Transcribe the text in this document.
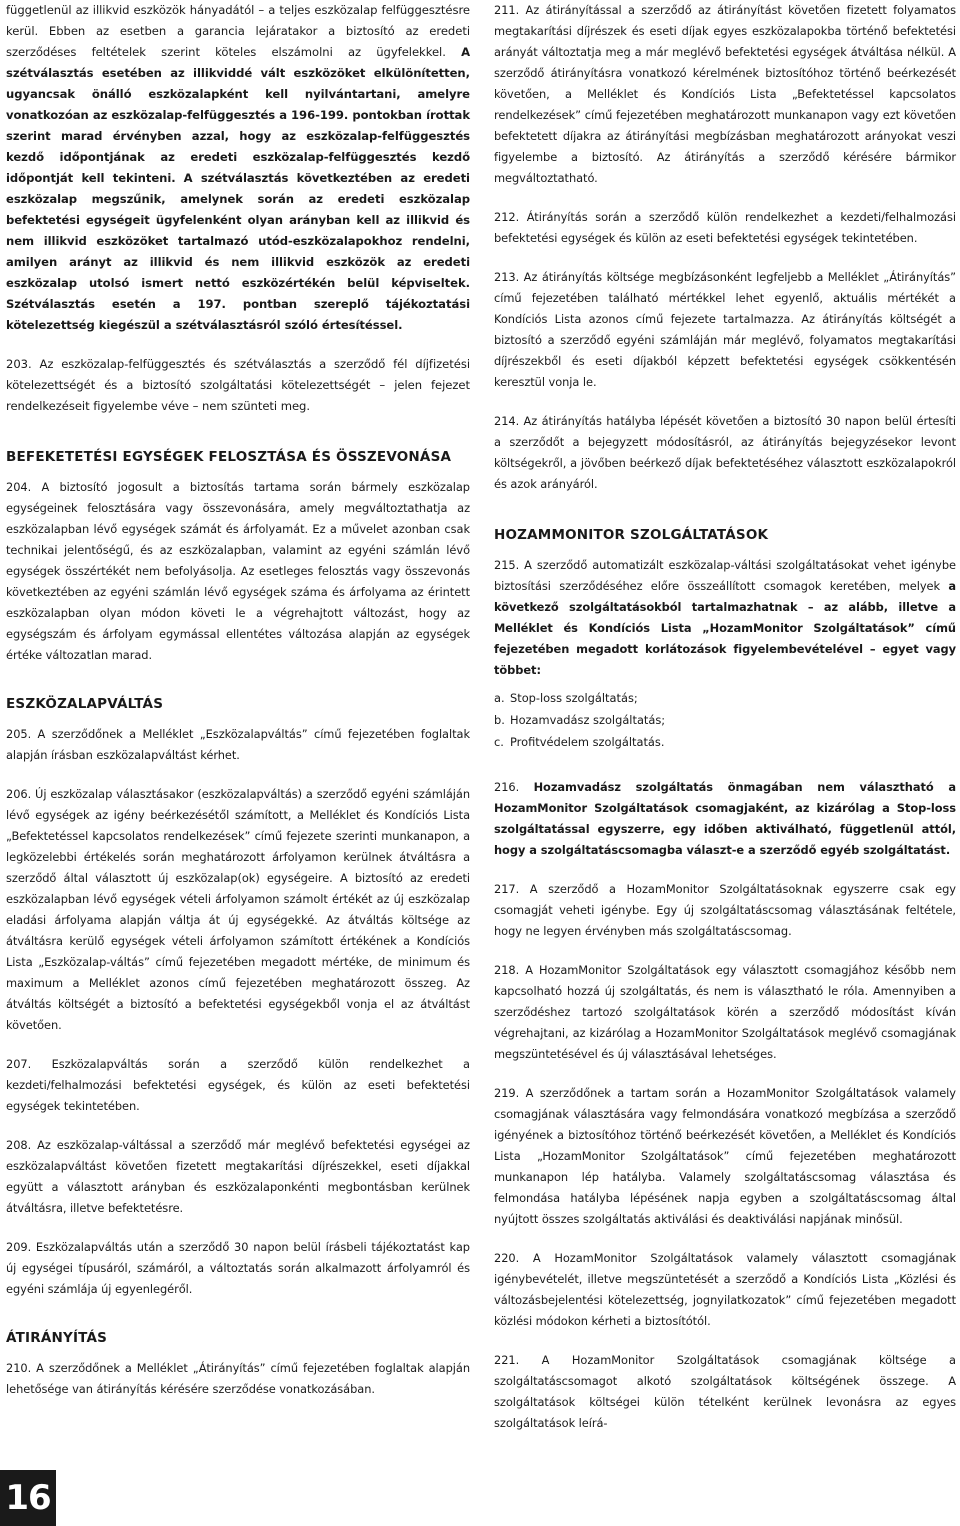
függetlenül az illikvid eszközök hányadától – a teljes eszközalap felfüggesztésre kerül. Ebben az esetben a garancia lejáratakor a biztosító az eredeti szerződéses feltételek szerint köteles elszámolni az ügyfelekkel. A szétválasztás esetében az illikviddé vált eszközöket elkülönítetten, ugyancsak önálló eszközalapként kell nyilvántartani, amelyre vonatkozóan az eszközalap-felfüggesztés a 196-199. pontokban írottak szerint marad érvényben azzal, hogy az eszközalap-felfüggesztés kezdő időpontjának az eredeti eszközalap-felfüggesztés kezdő időpontját kell tekinteni. A szétválasztás következtében az eredeti eszközalap megszűnik, amelynek során az eredeti eszközalap befektetési egységeit ügyfelenként olyan arányban kell az illikvid és nem illikvid eszközöket tartalmazó utód-eszközalapokhoz rendelni, amilyen arányt az illikvid és nem illikvid eszközök az eredeti eszközalap utolsó ismert nettó eszközértékén belül képviseltek. Szétválasztás esetén a 197. pontban szereplő tájékoztatási kötelezettség kiegészül a szétválasztásról szóló értesítéssel.

203. Az eszközalap-felfüggesztés és szétválasztás a szerződő fél díjfizetési kötelezettségét és a biztosító szolgáltatási kötelezettségét – jelen fejezet rendelkezéseit figyelembe véve – nem szünteti meg.

BEFEKETETÉSI EGYSÉGEK FELOSZTÁSA ÉS ÖSSZEVONÁSA

204. A biztosító jogosult a biztosítás tartama során bármely eszközalap egységeinek felosztására vagy összevonására, amely megváltoztathatja az eszközalapban lévő egységek számát és árfolyamát. Ez a művelet azonban csak technikai jelentőségű, és az eszközalapban, valamint az egyéni számlán lévő egységek összértékét nem befolyásolja. Az esetleges felosztás vagy összevonás következtében az egyéni számlán lévő egységek száma és árfolyama az érintett eszközalapban olyan módon követi le a végrehajtott változást, hogy az egységszám és árfolyam egymással ellentétes változása alapján az egységek értéke változatlan marad.

ESZKÖZALAPVÁLTÁS

205. A szerződőnek a Melléklet „Eszközalapváltás” című fejezetében foglaltak alapján írásban eszközalapváltást kérhet.

206. Új eszközalap választásakor (eszközalapváltás) a szerződő egyéni számláján lévő egységek az igény beérkezésétől számított, a Melléklet és Kondíciós Lista „Befektetéssel kapcsolatos rendelkezések” című fejezete szerinti munkanapon, a legközelebbi értékelés során meghatározott árfolyamon kerülnek átváltásra a szerződő által választott új eszközalap(ok) egységeire. A biztosító az eredeti eszközalapban lévő egységek vételi árfolyamon számolt értékét az új eszközalap eladási árfolyama alapján váltja át új egységekké. Az átváltás költsége az átváltásra kerülő egységek vételi árfolyamon számított értékének a Kondíciós Lista „Eszközalap-váltás” című fejezetében megadott mértéke, de minimum és maximum a Melléklet azonos című fejezetében meghatározott összeg. Az átváltás költségét a biztosító a befektetési egységekből vonja el az átváltást követően.

207. Eszközalapváltás során a szerződő külön rendelkezhet a kezdeti/felhalmozási befektetési egységek, és külön az eseti befektetési egységek tekintetében.

208. Az eszközalap-váltással a szerződő már meglévő befektetési egységei az eszközalapváltást követően fizetett megtakarítási díjrészekkel, eseti díjakkal együtt a választott arányban és eszközalaponkénti megbontásban kerülnek átváltásra, illetve befektetésre.

209. Eszközalapváltás után a szerződő 30 napon belül írásbeli tájékoztatást kap új egységei típusáról, számáról, a változtatás során alkalmazott árfolyamról és egyéni számlája új egyenlegéről.

ÁTIRÁNYÍTÁS

210. A szerződőnek a Melléklet „Átirányítás” című fejezetében foglaltak alapján lehetősége van átirányítás kérésére szerződése vonatkozásában.

211. Az átirányítással a szerződő az átirányítást követően fizetett folyamatos megtakarítási díjrészek és eseti díjak egyes eszközalapokba történő befektetési arányát változtatja meg a már meglévő befektetési egységek átváltása nélkül. A szerződő átirányításra vonatkozó kérelmének biztosítóhoz történő beérkezését követően, a Melléklet és Kondíciós Lista „Befektetéssel kapcsolatos rendelkezések” című fejezetében meghatározott munkanapon vagy ezt követően befektetett díjakra az átirányítási megbízásban meghatározott arányokat veszi figyelembe a biztosító. Az átirányítás a szerződő kérésére bármikor megváltoztatható.

212. Átirányítás során a szerződő külön rendelkezhet a kezdeti/felhalmozási befektetési egységek és külön az eseti befektetési egységek tekintetében.

213. Az átirányítás költsége megbízásonként legfeljebb a Melléklet „Átirányítás” című fejezetében található mértékkel lehet egyenlő, aktuális mértékét a Kondíciós Lista azonos című fejezete tartalmazza. Az átirányítás költségét a biztosító a szerződő egyéni számláján már meglévő, folyamatos megtakarítási díjrészekből és eseti díjakból képzett befektetési egységek csökkentésén keresztül vonja le.

214. Az átirányítás hatályba lépését követően a biztosító 30 napon belül értesíti a szerződőt a bejegyzett módosításról, az átirányítás bejegyzésekor levont költségekről, a jövőben beérkező díjak befektetéséhez választott eszközalapokról és azok arányáról.

HOZAMMONITOR SZOLGÁLTATÁSOK

215. A szerződő automatizált eszközalap-váltási szolgáltatásokat vehet igénybe biztosítási szerződéséhez előre összeállított csomagok keretében, melyek a következő szolgáltatásokból tartalmazhatnak – az alább, illetve a Melléklet és Kondíciós Lista „HozamMonitor Szolgáltatások” című fejezetében megadott korlátozások figyelembevételével – egyet vagy többet:

a. Stop-loss szolgáltatás;
b. Hozamvadász szolgáltatás;
c. Profitvédelem szolgáltatás.

216. Hozamvadász szolgáltatás önmagában nem választható a HozamMonitor Szolgáltatások csomagjaként, az kizárólag a Stop-loss szolgáltatással egyszerre, egy időben aktiválható, függetlenül attól, hogy a szolgáltatáscsomagba választ-e a szerződő egyéb szolgáltatást.

217. A szerződő a HozamMonitor Szolgáltatásoknak egyszerre csak egy csomagját veheti igénybe. Egy új szolgáltatáscsomag választásának feltétele, hogy ne legyen érvényben más szolgáltatáscsomag.

218. A HozamMonitor Szolgáltatások egy választott csomagjához később nem kapcsolható hozzá új szolgáltatás, és nem is választható le róla. Amennyiben a szerződéshez tartozó szolgáltatások körén a szerződő módosítást kíván végrehajtani, az kizárólag a HozamMonitor Szolgáltatások meglévő csomagjának megszüntetésével és új választásával lehetséges.

219. A szerződőnek a tartam során a HozamMonitor Szolgáltatások valamely csomagjának választására vagy felmondására vonatkozó megbízása a szerződő igényének a biztosítóhoz történő beérkezését követően, a Melléklet és Kondíciós Lista „HozamMonitor Szolgáltatások” című fejezetében meghatározott munkanapon lép hatályba. Valamely szolgáltatáscsomag választása és felmondása hatályba lépésének napja egyben a szolgáltatáscsomag által nyújtott összes szolgáltatás aktiválási és deaktiválási napjának minősül.

220. A HozamMonitor Szolgáltatások valamely választott csomagjának igénybevételét, illetve megszüntetését a szerződő a Kondíciós Lista „Közlési és változásbejelentési kötelezettség, jognyilatkozatok” című fejezetében megadott közlési módokon kérheti a biztosítótól.

221. A HozamMonitor Szolgáltatások csomagjának költsége a szolgáltatáscsomagot alkotó szolgáltatások költségének összege. A szolgáltatások költségei külön tételként kerülnek levonásra az egyes szolgáltatások leírá-

16
